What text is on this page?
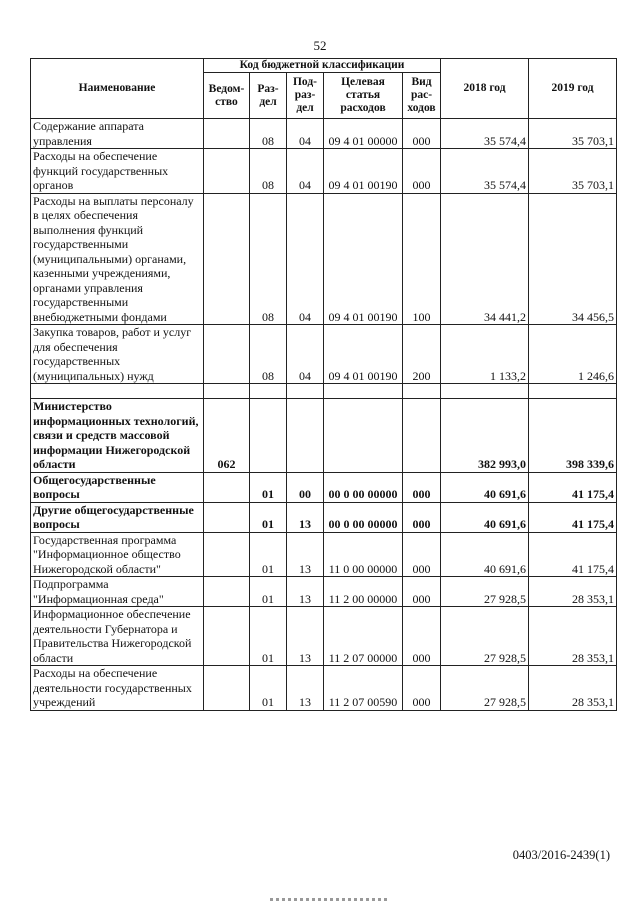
52
Наименование	Код бюджетной классификации					2018 год	2019 год
	Ведом-ство	Раз-дел	Под-раз-дел	Целевая статья расходов	Вид рас-ходов		
Содержание аппарата управления		08	04	09 4 01 00000	000	35 574,4	35 703,1
Расходы на обеспечение функций государственных органов		08	04	09 4 01 00190	000	35 574,4	35 703,1
Расходы на выплаты персоналу в целях обеспечения выполнения функций государственными (муниципальными) органами, казенными учреждениями, органами управления государственными внебюджетными фондами		08	04	09 4 01 00190	100	34 441,2	34 456,5
Закупка товаров, работ и услуг для обеспечения государственных (муниципальных) нужд		08	04	09 4 01 00190	200	1 133,2	1 246,6

Министерство информационных технологий, связи и средств массовой информации Нижегородской области	062					382 993,0	398 339,6
Общегосударственные вопросы		01	00	00 0 00 00000	000	40 691,6	41 175,4
Другие общегосударственные вопросы		01	13	00 0 00 00000	000	40 691,6	41 175,4
Государственная программа "Информационное общество Нижегородской области"		01	13	11 0 00 00000	000	40 691,6	41 175,4
Подпрограмма "Информационная среда"		01	13	11 2 00 00000	000	27 928,5	28 353,1
Информационное обеспечение деятельности Губернатора и Правительства Нижегородской области		01	13	11 2 07 00000	000	27 928,5	28 353,1
Расходы на обеспечение деятельности государственных учреждений		01	13	11 2 07 00590	000	27 928,5	28 353,1
0403/2016-2439(1)
